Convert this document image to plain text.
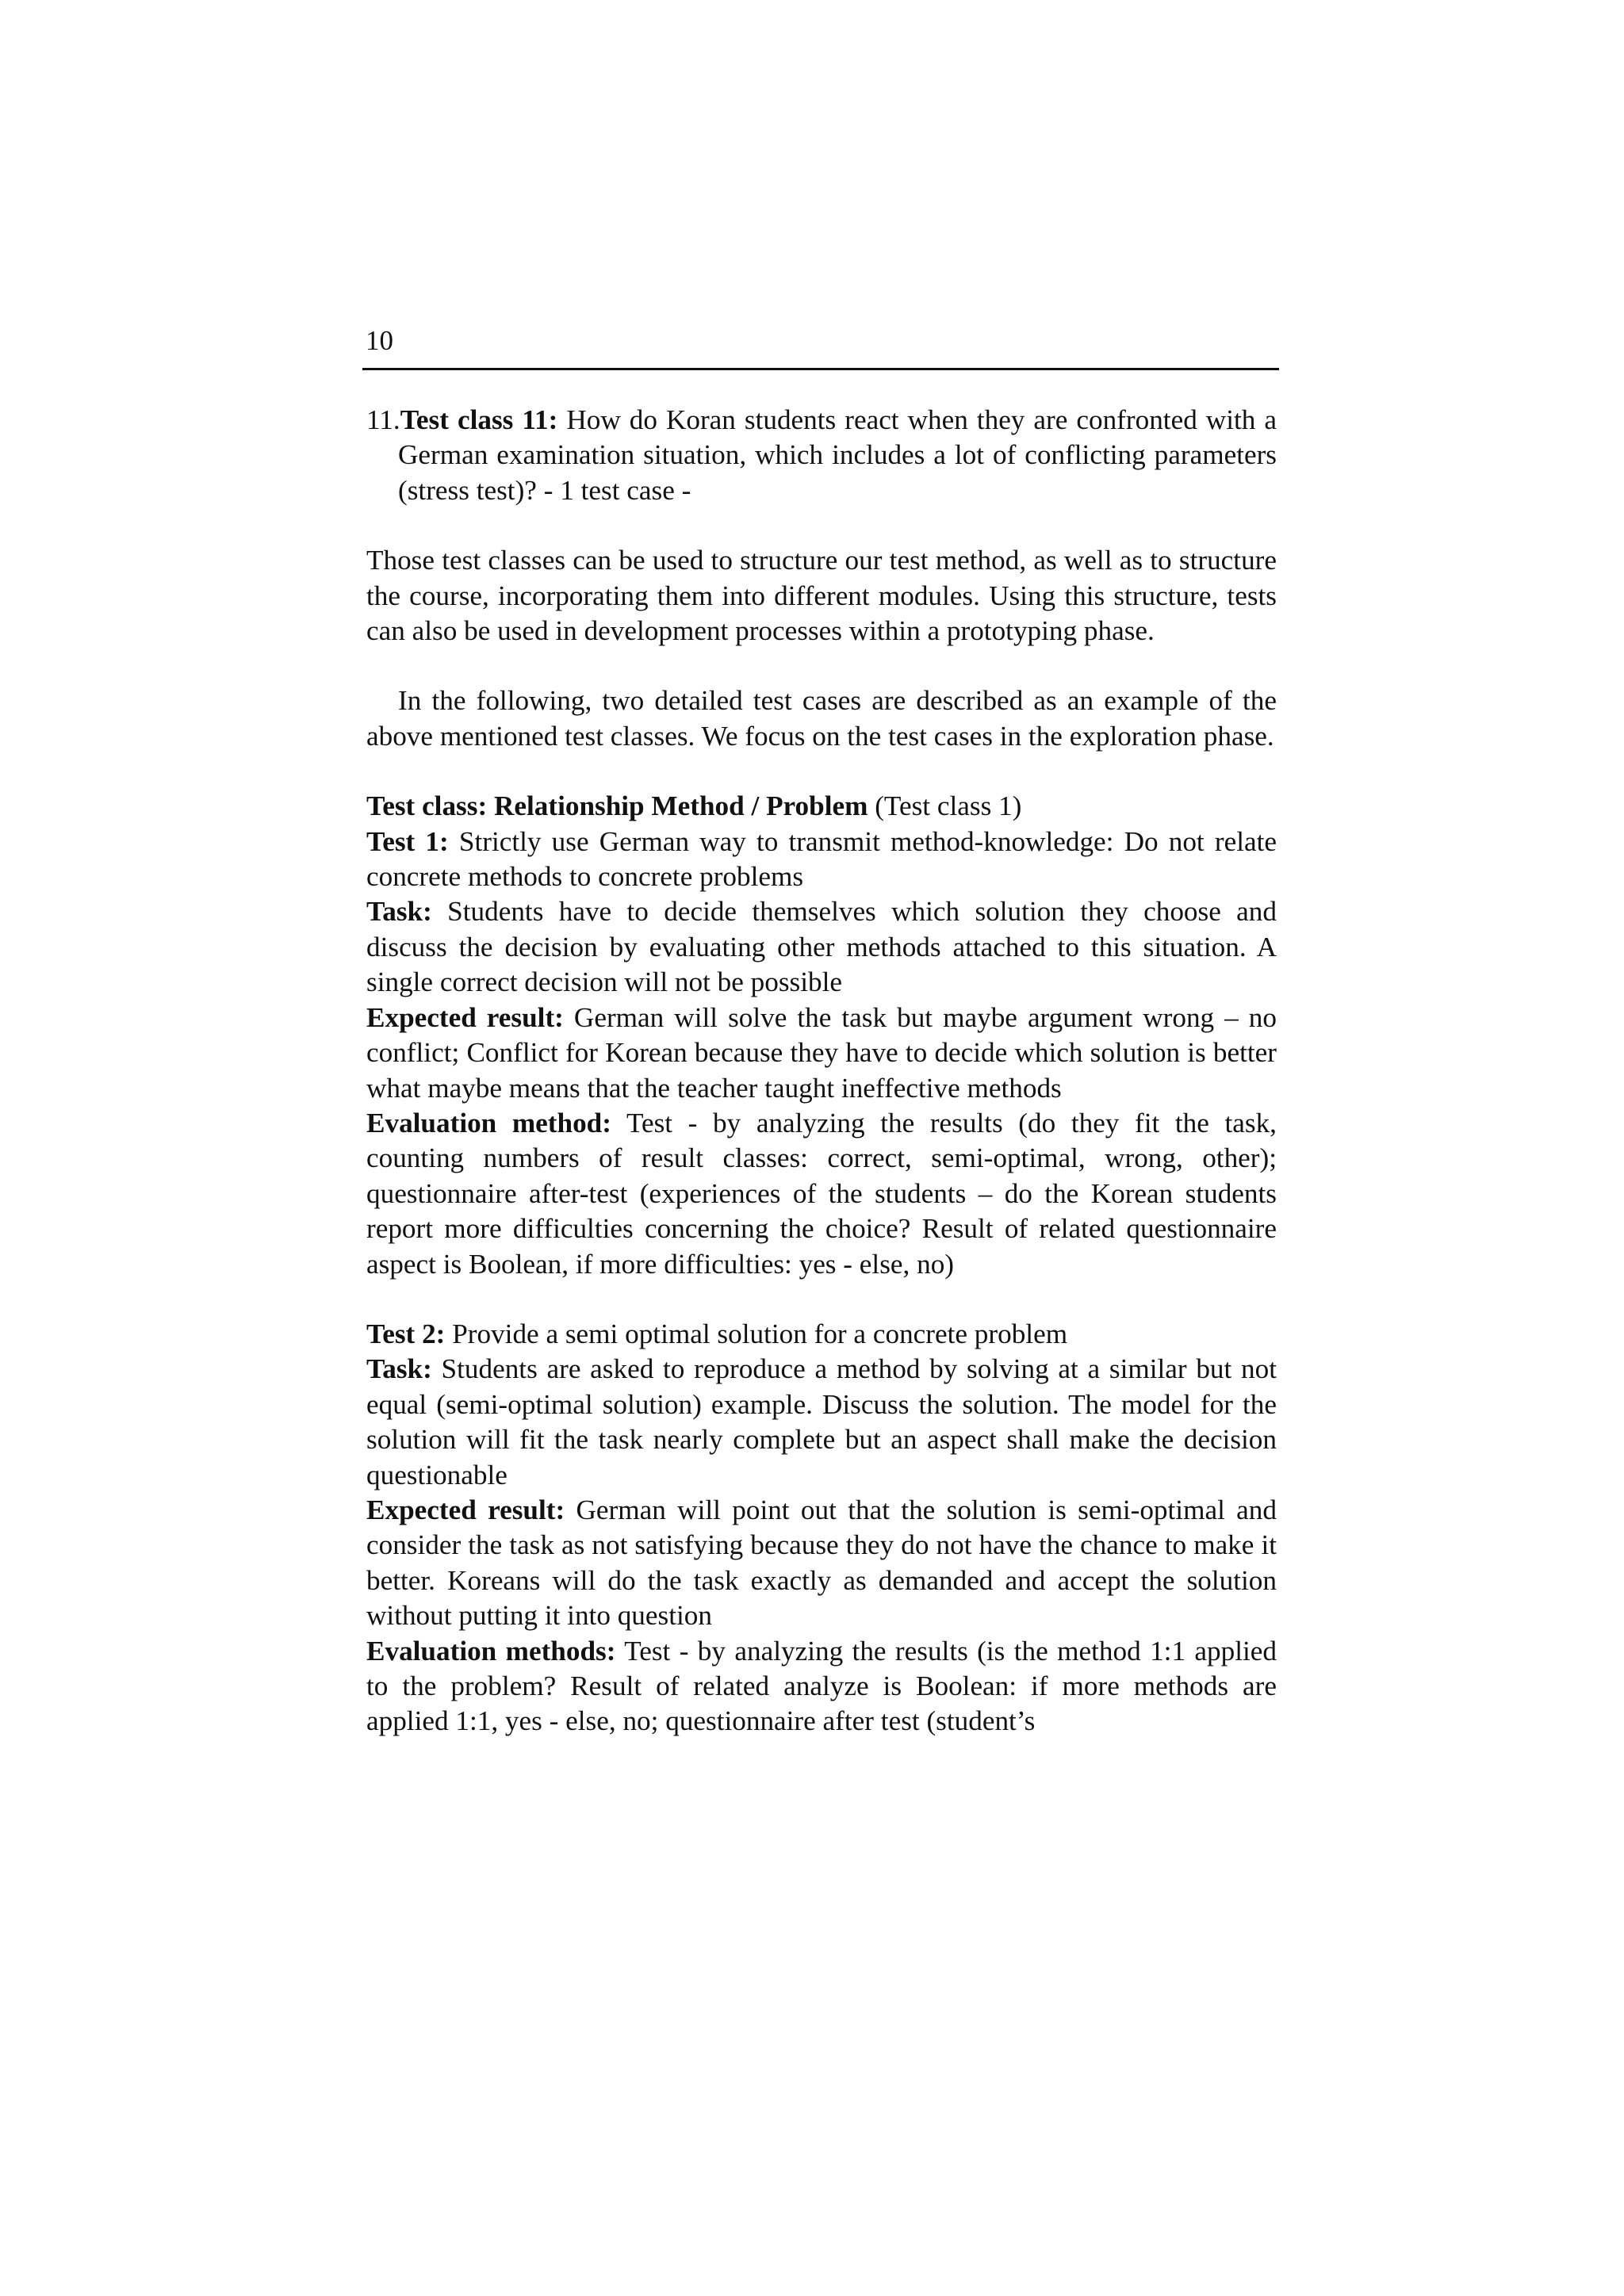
10

11.Test class 11: How do Koran students react when they are confronted with a German examination situation, which includes a lot of conflicting parameters (stress test)? - 1 test case -

Those test classes can be used to structure our test method, as well as to structure the course, incorporating them into different modules. Using this structure, tests can also be used in development processes within a prototyping phase.

In the following, two detailed test cases are described as an example of the above mentioned test classes. We focus on the test cases in the exploration phase.

Test class: Relationship Method / Problem (Test class 1)

Test 1: Strictly use German way to transmit method-knowledge: Do not relate concrete methods to concrete problems

Task: Students have to decide themselves which solution they choose and discuss the decision by evaluating other methods attached to this situation. A single correct decision will not be possible

Expected result: German will solve the task but maybe argument wrong – no conflict; Conflict for Korean because they have to decide which solution is better what maybe means that the teacher taught ineffective methods

Evaluation method: Test - by analyzing the results (do they fit the task, counting numbers of result classes: correct, semi-optimal, wrong, other); questionnaire after-test (experiences of the students – do the Korean students report more difficulties concerning the choice? Result of related questionnaire aspect is Boolean, if more difficulties: yes - else, no)

Test 2: Provide a semi optimal solution for a concrete problem

Task: Students are asked to reproduce a method by solving at a similar but not equal (semi-optimal solution) example. Discuss the solution. The model for the solution will fit the task nearly complete but an aspect shall make the decision questionable

Expected result: German will point out that the solution is semi-optimal and consider the task as not satisfying because they do not have the chance to make it better. Koreans will do the task exactly as demanded and accept the solution without putting it into question

Evaluation methods: Test - by analyzing the results (is the method 1:1 applied to the problem? Result of related analyze is Boolean: if more methods are applied 1:1, yes - else, no; questionnaire after test (student’s
